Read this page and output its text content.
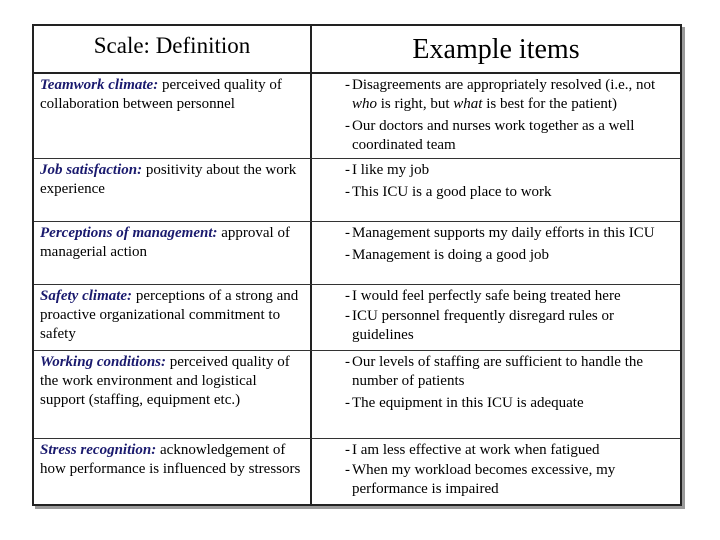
Scale: Definition	Example items
Teamwork climate: perceived quality of collaboration between personnel
- Disagreements are appropriately resolved (i.e., not who is right, but what is best for the patient)
- Our doctors and nurses work together as a well coordinated team
Job satisfaction: positivity about the work experience
- I like my job
- This ICU is a good place to work
Perceptions of management: approval of managerial action
- Management supports my daily efforts in this ICU
- Management is doing a good job
Safety climate: perceptions of a strong and proactive organizational commitment to safety
- I would feel perfectly safe being treated here
- ICU personnel frequently disregard rules or guidelines
Working conditions: perceived quality of the work environment and logistical support (staffing, equipment etc.)
- Our levels of staffing are sufficient to handle the number of patients
- The equipment in this ICU is adequate
Stress recognition: acknowledgement of how performance is influenced by stressors
- I am less effective at work when fatigued
- When my workload becomes excessive, my performance is impaired
